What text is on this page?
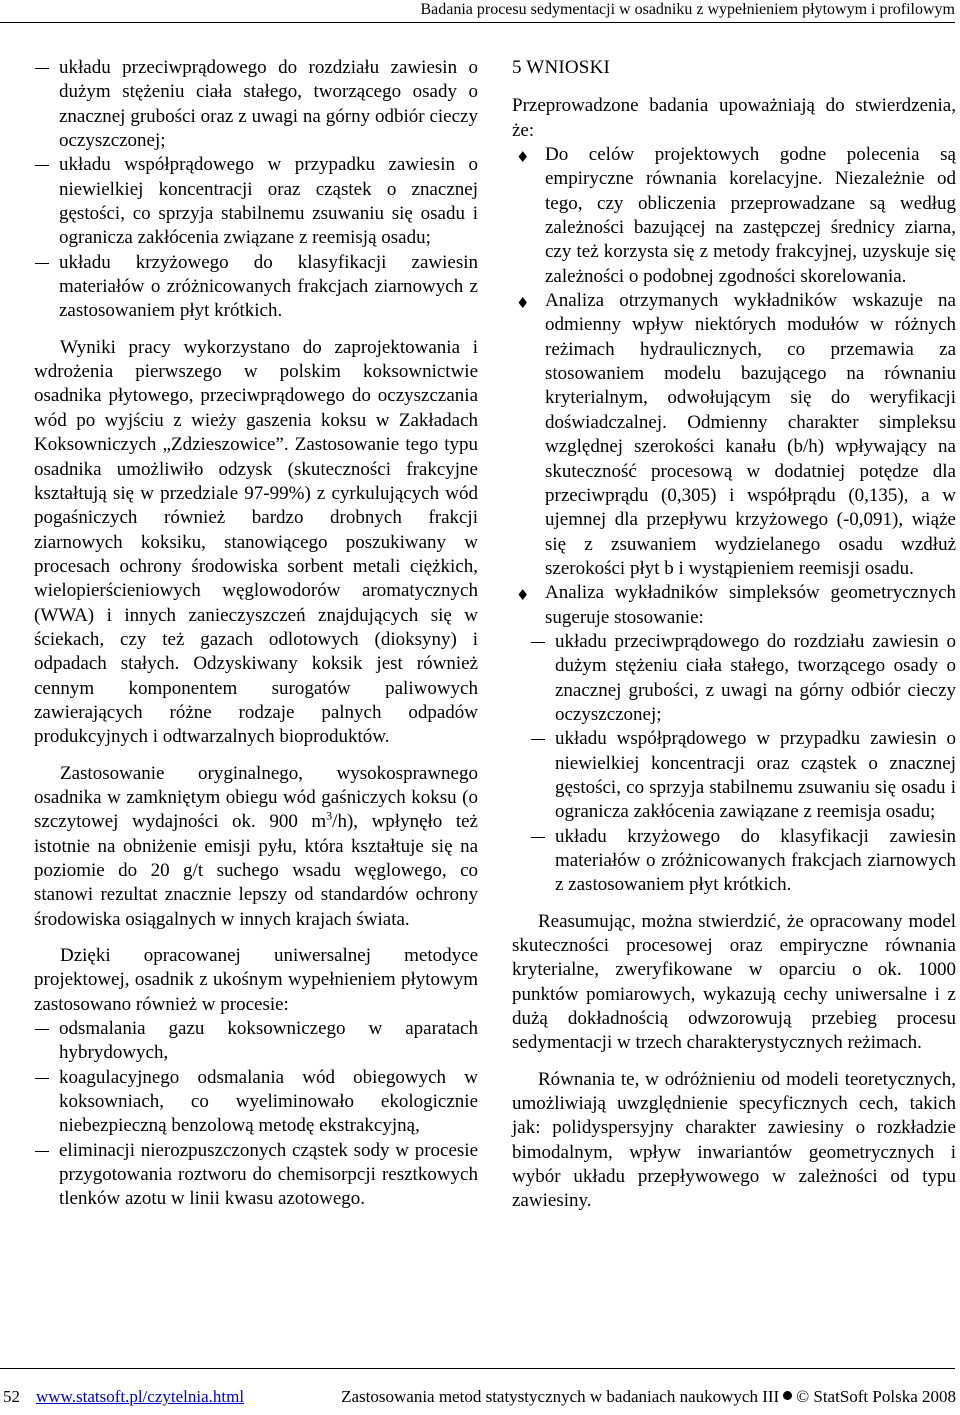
Badania procesu sedymentacji w osadniku z wypełnieniem płytowym i profilowym
układu przeciwprądowego do rozdziału zawiesin o dużym stężeniu ciała stałego, tworzącego osady o znacznej grubości oraz z uwagi na górny odbiór cieczy oczyszczonej;
układu współprądowego w przypadku zawiesin o niewielkiej koncentracji oraz cząstek o znacznej gęstości, co sprzyja stabilnemu zsuwaniu się osadu i ogranicza zakłócenia związane z reemisją osadu;
układu krzyżowego do klasyfikacji zawiesin materiałów o zróżnicowanych frakcjach ziarnowych z zastosowaniem płyt krótkich.

Wyniki pracy wykorzystano do zaprojektowania i wdrożenia pierwszego w polskim koksownictwie osadnika płytowego, przeciwprądowego do oczyszczania wód po wyjściu z wieży gaszenia koksu w Zakładach Koksowniczych „Zdzieszowice”. Zastosowanie tego typu osadnika umożliwiło odzysk (skuteczności frakcyjne kształtują się w przedziale 97-99%) z cyrkulujących wód pogaśniczych również bardzo drobnych frakcji ziarnowych koksiku, stanowiącego poszukiwany w procesach ochrony środowiska sorbent metali ciężkich, wielopierścieniowych węglowodorów aromatycznych (WWA) i innych zanieczyszczeń znajdujących się w ściekach, czy też gazach odlotowych (dioksyny) i odpadach stałych. Odzyskiwany koksik jest również cennym komponentem surogatów paliwowych zawierających różne rodzaje palnych odpadów produkcyjnych i odtwarzalnych bioproduktów.

Zastosowanie oryginalnego, wysokosprawnego osadnika w zamkniętym obiegu wód gaśniczych koksu (o szczytowej wydajności ok. 900 $m^3/h$), wpłynęło też istotnie na obniżenie emisji pyłu, która kształtuje się na poziomie do 20 g/t suchego wsadu węglowego, co stanowi rezultat znacznie lepszy od standardów ochrony środowiska osiągalnych w innych krajach świata.

Dzięki opracowanej uniwersalnej metodyce projektowej, osadnik z ukośnym wypełnieniem płytowym zastosowano również w procesie:

odsmalania gazu koksowniczego w aparatach hybrydowych,
koagulacyjnego odsmalania wód obiegowych w koksowniach, co wyeliminowało ekologicznie niebezpieczną benzolową metodę ekstrakcyjną,
eliminacji nierozpuszczonych cząstek sody w procesie przygotowania roztworu do chemisorpcji resztkowych tlenków azotu w linii kwasu azotowego.
5 WNIOSKI

Przeprowadzone badania upoważniają do stwierdzenia, że:

♦ Do celów projektowych godne polecenia są empiryczne równania korelacyjne. Niezależnie od tego, czy obliczenia przeprowadzane są według zależności bazującej na zastępczej średnicy ziarna, czy też korzysta się z metody frakcyjnej, uzyskuje się zależności o podobnej zgodności skorelowania.
♦ Analiza otrzymanych wykładników wskazuje na odmienny wpływ niektórych modułów w różnych reżimach hydraulicznych, co przemawia za stosowaniem modelu bazującego na równaniu kryterialnym, odwołującym się do weryfikacji doświadczalnej. Odmienny charakter simpleksu względnej szerokości kanału (b/h) wpływający na skuteczność procesową w dodatniej potędze dla przeciwprądu (0,305) i współprądu (0,135), a w ujemnej dla przepływu krzyżowego (-0,091), wiąże się z zsuwaniem wydzielanego osadu wzdłuż szerokości płyt b i wystąpieniem reemisji osadu.
♦ Analiza wykładników simpleksów geometrycznych sugeruje stosowanie:
układu przeciwprądowego do rozdziału zawiesin o dużym stężeniu ciała stałego, tworzącego osady o znacznej grubości, z uwagi na górny odbiór cieczy oczyszczonej;
układu współprądowego w przypadku zawiesin o niewielkiej koncentracji oraz cząstek o znacznej gęstości, co sprzyja stabilnemu zsuwaniu się osadu i ogranicza zakłócenia zawiązane z reemisja osadu;
układu krzyżowego do klasyfikacji zawiesin materiałów o zróżnicowanych frakcjach ziarnowych z zastosowaniem płyt krótkich.

Reasumując, można stwierdzić, że opracowany model skuteczności procesowej oraz empiryczne równania kryterialne, zweryfikowane w oparciu o ok. 1000 punktów pomiarowych, wykazują cechy uniwersalne i z dużą dokładnością odwzorowują przebieg procesu sedymentacji w trzech charakterystycznych reżimach.

Równania te, w odróżnieniu od modeli teoretycznych, umożliwiają uwzględnienie specyficznych cech, takich jak: polidyspersyjny charakter zawiesiny o rozkładzie bimodalnym, wpływ inwariantów geometrycznych i wybór układu przepływowego w zależności od typu zawiesiny.

52 www.statsoft.pl/czytelnia.html	Zastosowania metod statystycznych w badaniach naukowych III © StatSoft Polska 2008
